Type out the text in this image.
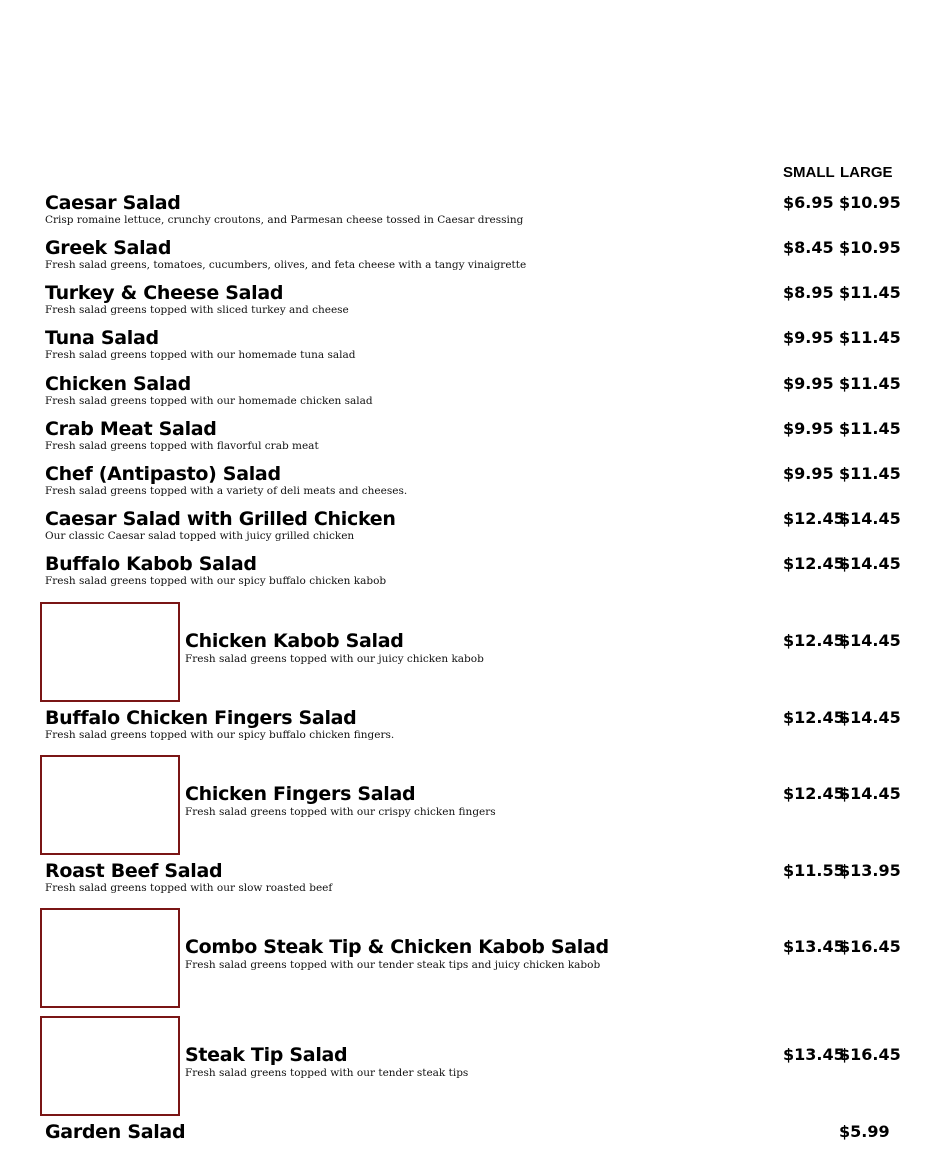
SMALL LARGE
Caesar Salad
Crisp romaine lettuce, crunchy croutons, and Parmesan cheese tossed in Caesar dressing
$6.95 $10.95
Greek Salad
Fresh salad greens, tomatoes, cucumbers, olives, and feta cheese with a tangy vinaigrette
$8.45 $10.95
Turkey & Cheese Salad
Fresh salad greens topped with sliced turkey and cheese
$8.95 $11.45
Tuna Salad
Fresh salad greens topped with our homemade tuna salad
$9.95 $11.45
Chicken Salad
Fresh salad greens topped with our homemade chicken salad
$9.95 $11.45
Crab Meat Salad
Fresh salad greens topped with flavorful crab meat
$9.95 $11.45
Chef (Antipasto) Salad
Fresh salad greens topped with a variety of deli meats and cheeses.
$9.95 $11.45
Caesar Salad with Grilled Chicken
Our classic Caesar salad topped with juicy grilled chicken
$12.45
$14.45
Buffalo Kabob Salad
Fresh salad greens topped with our spicy buffalo chicken kabob
$12.45
$14.45
Chicken Kabob Salad
Fresh salad greens topped with our juicy chicken kabob
$12.45
$14.45
Buffalo Chicken Fingers Salad
Fresh salad greens topped with our spicy buffalo chicken fingers.
$12.45
$14.45
Chicken Fingers Salad
Fresh salad greens topped with our crispy chicken fingers
$12.45
$14.45
Roast Beef Salad
Fresh salad greens topped with our slow roasted beef
$11.55
$13.95
Combo Steak Tip & Chicken Kabob Salad
Fresh salad greens topped with our tender steak tips and juicy chicken kabob
$13.45
$16.45
Steak Tip Salad
Fresh salad greens topped with our tender steak tips
$13.45
$16.45
Garden Salad	$5.99
